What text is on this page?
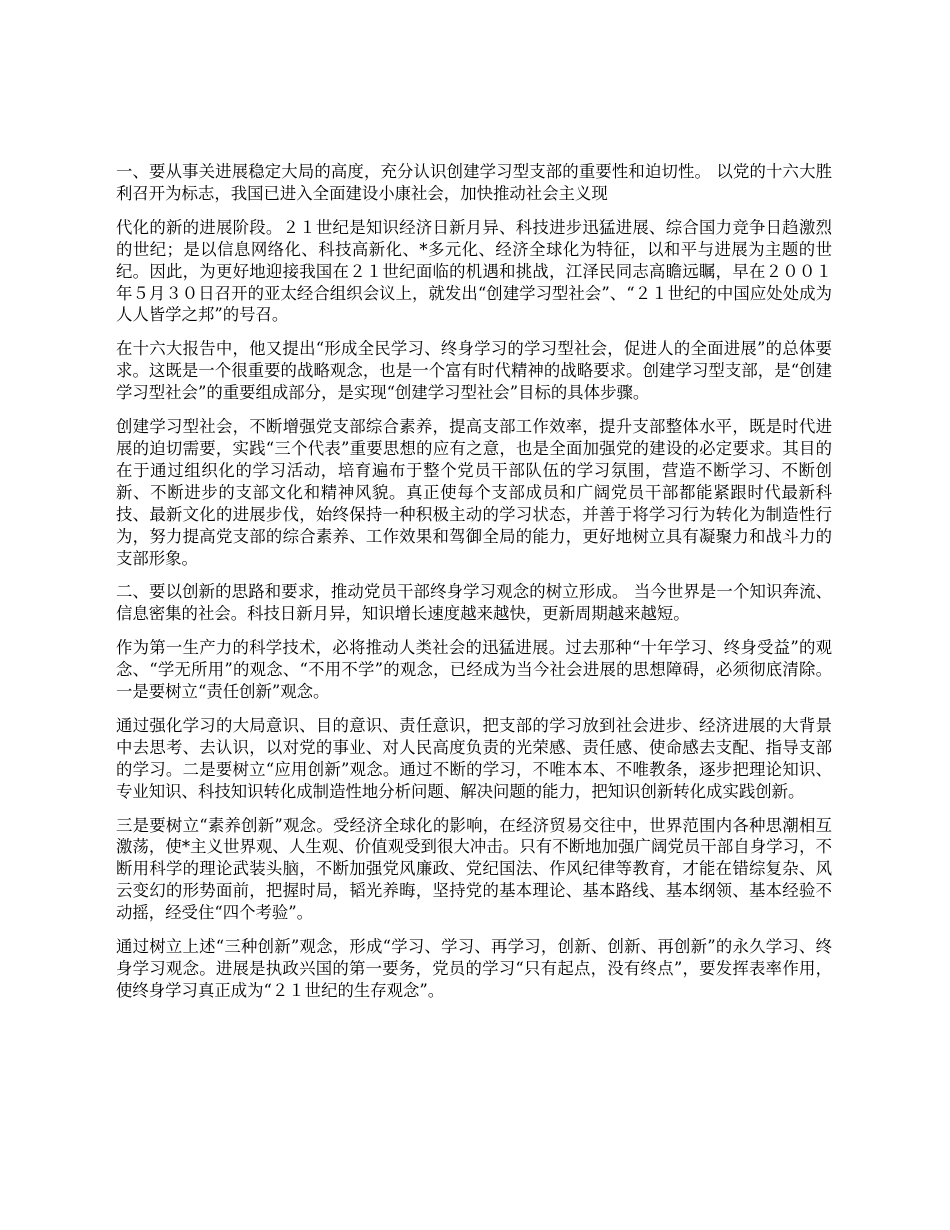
一、要从事关进展稳定大局的高度，充分认识创建学习型支部的重要性和迫切性。 以党的十六大胜利召开为标志，我国已进入全面建设小康社会，加快推动社会主义现

代化的新的进展阶段。２１世纪是知识经济日新月异、科技进步迅猛进展、综合国力竞争日趋激烈的世纪；是以信息网络化、科技高新化、*多元化、经济全球化为特征，以和平与进展为主题的世纪。因此，为更好地迎接我国在２１世纪面临的机遇和挑战，江泽民同志高瞻远瞩，早在２００１年５月３０日召开的亚太经合组织会议上，就发出“创建学习型社会”、“２１世纪的中国应处处成为人人皆学之邦”的号召。

在十六大报告中，他又提出“形成全民学习、终身学习的学习型社会，促进人的全面进展”的总体要求。这既是一个很重要的战略观念，也是一个富有时代精神的战略要求。创建学习型支部，是“创建学习型社会”的重要组成部分，是实现“创建学习型社会”目标的具体步骤。

创建学习型社会，不断增强党支部综合素养，提高支部工作效率，提升支部整体水平，既是时代进展的迫切需要，实践“三个代表”重要思想的应有之意，也是全面加强党的建设的必定要求。其目的在于通过组织化的学习活动，培育遍布于整个党员干部队伍的学习氛围，营造不断学习、不断创新、不断进步的支部文化和精神风貌。真正使每个支部成员和广阔党员干部都能紧跟时代最新科技、最新文化的进展步伐，始终保持一种积极主动的学习状态，并善于将学习行为转化为制造性行为，努力提高党支部的综合素养、工作效果和驾御全局的能力，更好地树立具有凝聚力和战斗力的支部形象。

二、要以创新的思路和要求，推动党员干部终身学习观念的树立形成。 当今世界是一个知识奔流、信息密集的社会。科技日新月异，知识增长速度越来越快，更新周期越来越短。

作为第一生产力的科学技术，必将推动人类社会的迅猛进展。过去那种“十年学习、终身受益”的观念、“学无所用”的观念、“不用不学”的观念，已经成为当今社会进展的思想障碍，必须彻底清除。一是要树立“责任创新”观念。

通过强化学习的大局意识、目的意识、责任意识，把支部的学习放到社会进步、经济进展的大背景中去思考、去认识，以对党的事业、对人民高度负责的光荣感、责任感、使命感去支配、指导支部的学习。二是要树立“应用创新”观念。通过不断的学习，不唯本本、不唯教条，逐步把理论知识、专业知识、科技知识转化成制造性地分析问题、解决问题的能力，把知识创新转化成实践创新。

三是要树立“素养创新”观念。受经济全球化的影响，在经济贸易交往中，世界范围内各种思潮相互激荡，使*主义世界观、人生观、价值观受到很大冲击。只有不断地加强广阔党员干部自身学习，不断用科学的理论武装头脑，不断加强党风廉政、党纪国法、作风纪律等教育，才能在错综复杂、风云变幻的形势面前，把握时局，韬光养晦，坚持党的基本理论、基本路线、基本纲领、基本经验不动摇，经受住“四个考验”。

通过树立上述“三种创新”观念，形成“学习、学习、再学习，创新、创新、再创新”的永久学习、终身学习观念。进展是执政兴国的第一要务，党员的学习“只有起点，没有终点”，要发挥表率作用，使终身学习真正成为“２１世纪的生存观念”。
